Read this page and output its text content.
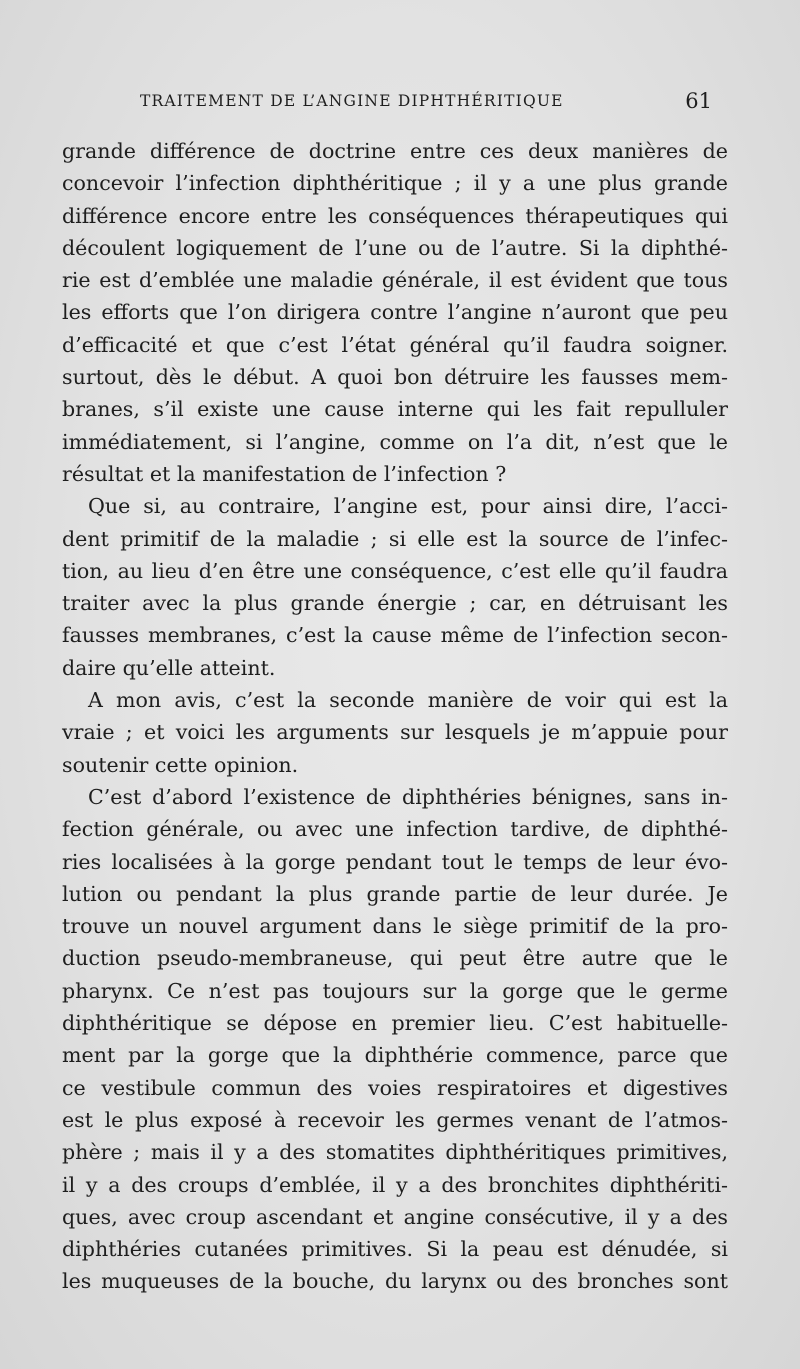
TRAITEMENT DE L’ANGINE DIPHTHÉRITIQUE	61
grande différence de doctrine entre ces deux manières de
concevoir l’infection diphthéritique ; il y a une plus grande
différence encore entre les conséquences thérapeutiques qui
découlent logiquement de l’une ou de l’autre. Si la diphthé-
rie est d’emblée une maladie générale, il est évident que tous
les efforts que l’on dirigera contre l’angine n’auront que peu
d’efficacité et que c’est l’état général qu’il faudra soigner.
surtout, dès le début. A quoi bon détruire les fausses mem-
branes, s’il existe une cause interne qui les fait repulluler
immédiatement, si l’angine, comme on l’a dit, n’est que le
résultat et la manifestation de l’infection ?
Que si, au contraire, l’angine est, pour ainsi dire, l’acci-
dent primitif de la maladie ; si elle est la source de l’infec-
tion, au lieu d’en être une conséquence, c’est elle qu’il faudra
traiter avec la plus grande énergie ; car, en détruisant les
fausses membranes, c’est la cause même de l’infection secon-
daire qu’elle atteint.
A mon avis, c’est la seconde manière de voir qui est la
vraie ; et voici les arguments sur lesquels je m’appuie pour
soutenir cette opinion.
C’est d’abord l’existence de diphthéries bénignes, sans in-
fection générale, ou avec une infection tardive, de diphthé-
ries localisées à la gorge pendant tout le temps de leur évo-
lution ou pendant la plus grande partie de leur durée. Je
trouve un nouvel argument dans le siège primitif de la pro-
duction pseudo-membraneuse, qui peut être autre que le
pharynx. Ce n’est pas toujours sur la gorge que le germe
diphthéritique se dépose en premier lieu. C’est habituelle-
ment par la gorge que la diphthérie commence, parce que
ce vestibule commun des voies respiratoires et digestives
est le plus exposé à recevoir les germes venant de l’atmos-
phère ; mais il y a des stomatites diphthéritiques primitives,
il y a des croups d’emblée, il y a des bronchites diphthériti-
ques, avec croup ascendant et angine consécutive, il y a des
diphthéries cutanées primitives. Si la peau est dénudée, si
les muqueuses de la bouche, du larynx ou des bronches sont
